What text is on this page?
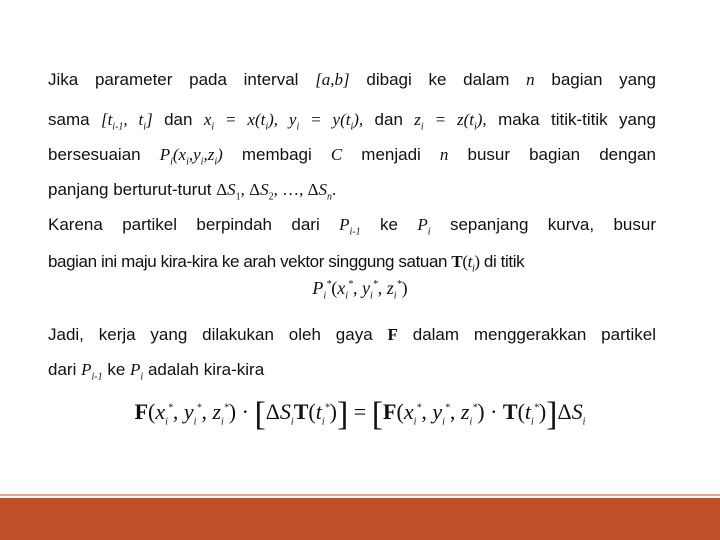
Jika parameter pada interval [a,b] dibagi ke dalam n bagian yang
sama [$t_{i-1}$, $t_i$] dan $x_i = x(t_i)$, $y_i = y(t_i)$, dan $z_i = z(t_i)$, maka titik-titik yang
bersesuaian $P_i(x_i,y_i,z_i)$ membagi C menjadi n busur bagian dengan
panjang berturut-turut $\Delta S_1$, $\Delta S_2$, …, $\Delta S_n$.
Karena partikel berpindah dari $P_{i-1}$ ke $P_i$ sepanjang kurva, busur
bagian ini maju kira-kira ke arah vektor singgung satuan $T(t_i)$ di titik
$P_i^*(x_i^*$, $y_i^*$, $z_i^*$)
Jadi, kerja yang dilakukan oleh gaya F dalam menggerakkan partikel
dari $P_{i-1}$ ke $P_i$ adalah kira-kira
$F(x_i^*$, $y_i^*$, $z_i^*) \cdot [\Delta S_iT(t_i^*)] = [F(x_i^*$, $y_i^*$, $z_i^*) \cdot T(t_i^*)]\Delta S_i$
